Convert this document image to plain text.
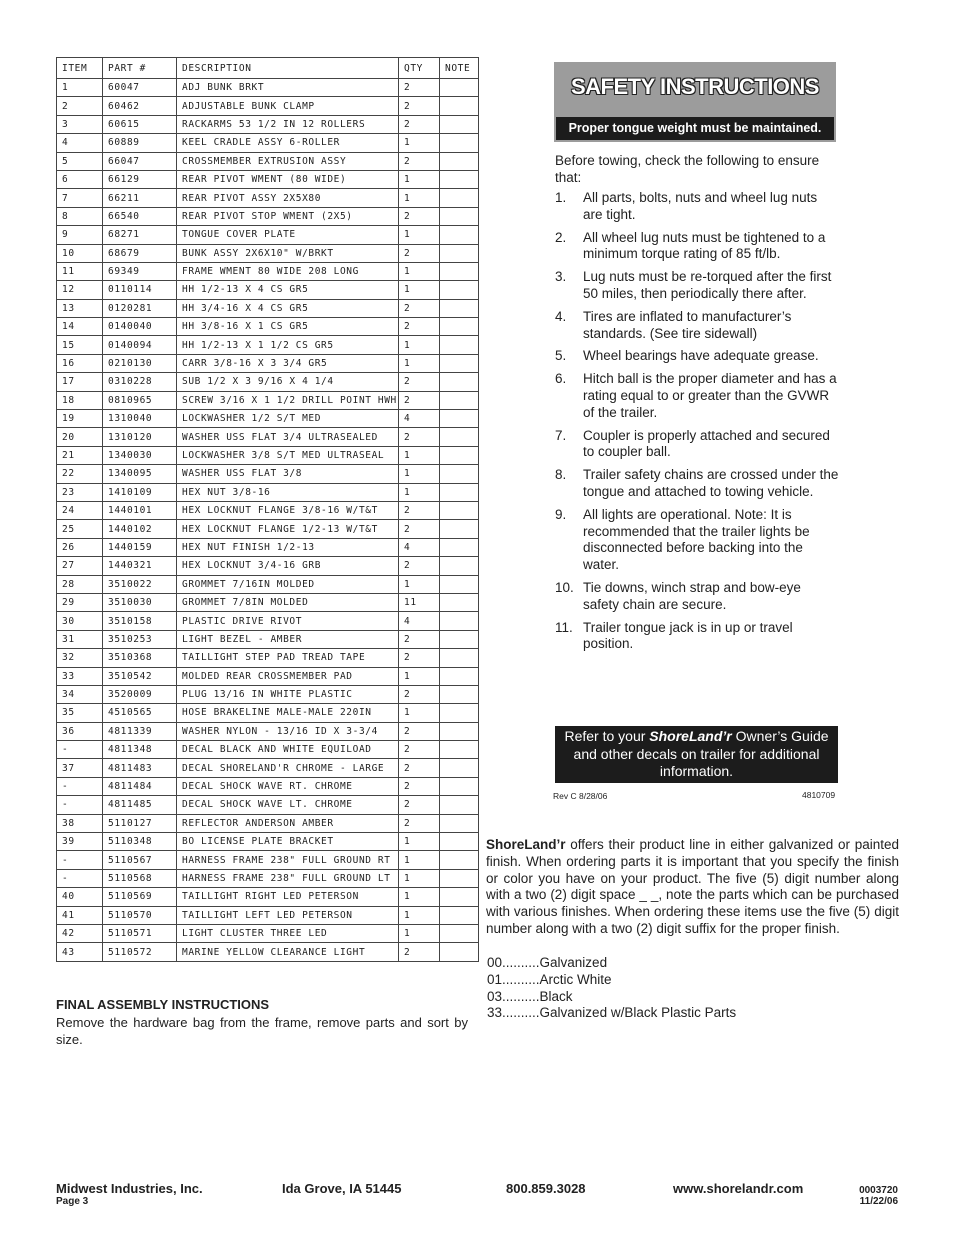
ITEM	PART #	DESCRIPTION	QTY	NOTE
1	60047	ADJ BUNK BRKT	2	
2	60462	ADJUSTABLE BUNK CLAMP	2	
3	60615	RACKARMS 53 1/2 IN 12 ROLLERS	2	
4	60889	KEEL CRADLE ASSY 6-ROLLER	1	
5	66047	CROSSMEMBER EXTRUSION ASSY	2	
6	66129	REAR PIVOT WMENT (80 WIDE)	1	
7	66211	REAR PIVOT ASSY 2X5X80	1	
8	66540	REAR PIVOT STOP WMENT (2X5)	2	
9	68271	TONGUE COVER PLATE	1	
10	68679	BUNK ASSY 2X6X10" W/BRKT	2	
11	69349	FRAME WMENT 80 WIDE 208 LONG	1	
12	0110114	HH 1/2-13 X 4 CS GR5	1	
13	0120281	HH 3/4-16 X 4 CS GR5	2	
14	0140040	HH 3/8-16 X 1 CS GR5	2	
15	0140094	HH 1/2-13 X 1 1/2 CS GR5	1	
16	0210130	CARR 3/8-16 X 3 3/4 GR5	1	
17	0310228	SUB 1/2 X 3 9/16 X 4 1/4	2	
18	0810965	SCREW 3/16 X 1 1/2 DRILL POINT HWH	2	
19	1310040	LOCKWASHER 1/2 S/T MED	4	
20	1310120	WASHER USS FLAT 3/4 ULTRASEALED	2	
21	1340030	LOCKWASHER 3/8 S/T MED ULTRASEAL	1	
22	1340095	WASHER USS FLAT 3/8	1	
23	1410109	HEX NUT 3/8-16	1	
24	1440101	HEX LOCKNUT FLANGE 3/8-16 W/T&T	2	
25	1440102	HEX LOCKNUT FLANGE 1/2-13 W/T&T	2	
26	1440159	HEX NUT FINISH 1/2-13	4	
27	1440321	HEX LOCKNUT 3/4-16 GRB	2	
28	3510022	GROMMET 7/16IN MOLDED	1	
29	3510030	GROMMET 7/8IN MOLDED	11	
30	3510158	PLASTIC DRIVE RIVOT	4	
31	3510253	LIGHT BEZEL - AMBER	2	
32	3510368	TAILLIGHT STEP PAD TREAD TAPE	2	
33	3510542	MOLDED REAR CROSSMEMBER PAD	1	
34	3520009	PLUG 13/16 IN WHITE PLASTIC	2	
35	4510565	HOSE BRAKELINE MALE-MALE 220IN	1	
36	4811339	WASHER NYLON - 13/16 ID X 3-3/4	2	
-	4811348	DECAL BLACK AND WHITE EQUILOAD	2	
37	4811483	DECAL SHORELAND'R CHROME - LARGE	2	
-	4811484	DECAL SHOCK WAVE RT. CHROME	2	
-	4811485	DECAL SHOCK WAVE LT. CHROME	2	
38	5110127	REFLECTOR ANDERSON AMBER	2	
39	5110348	BO LICENSE PLATE BRACKET	1	
-	5110567	HARNESS FRAME 238" FULL GROUND RT	1	
-	5110568	HARNESS FRAME 238" FULL GROUND LT	1	
40	5110569	TAILLIGHT RIGHT LED PETERSON	1	
41	5110570	TAILLIGHT LEFT LED PETERSON	1	
42	5110571	LIGHT CLUSTER THREE LED	1	
43	5110572	MARINE YELLOW CLEARANCE LIGHT	2	
FINAL ASSEMBLY INSTRUCTIONS
Remove the hardware bag from the frame, remove parts and sort by size.
SAFETY INSTRUCTIONS
Proper tongue weight must be maintained.
Before towing, check the following to ensure that:
1. All parts, bolts, nuts and wheel lug nuts are tight.
2. All wheel lug nuts must be tightened to a minimum torque rating of 85 ft/lb.
3. Lug nuts must be re-torqued after the first 50 miles, then periodically there after.
4. Tires are inflated to manufacturer’s standards. (See tire sidewall)
5. Wheel bearings have adequate grease.
6. Hitch ball is the proper diameter and has a rating equal to or greater than the GVWR of the trailer.
7. Coupler is properly attached and secured to coupler ball.
8. Trailer safety chains are crossed under the tongue and attached to towing vehicle.
9. All lights are operational. Note: It is recommended that the trailer lights be disconnected before backing into the water.
10. Tie downs, winch strap and bow-eye safety chain are secure.
11. Trailer tongue jack is in up or travel position.
Refer to your ShoreLand’r Owner’s Guide and other decals on trailer for additional information.
Rev C 8/28/06	4810709
ShoreLand’r offers their product line in either galvanized or painted finish. When ordering parts it is important that you specify the finish or color you have on your product. The five (5) digit number along with a two (2) digit space _ _, note the parts which can be purchased with various finishes. When ordering these items use the five (5) digit number along with a two (2) digit suffix for the proper finish.
00..........Galvanized
01..........Arctic White
03..........Black
33..........Galvanized w/Black Plastic Parts
Midwest Industries, Inc.
Page 3
Ida Grove, IA 51445	800.859.3028	www.shorelandr.com	0003720
11/22/06
